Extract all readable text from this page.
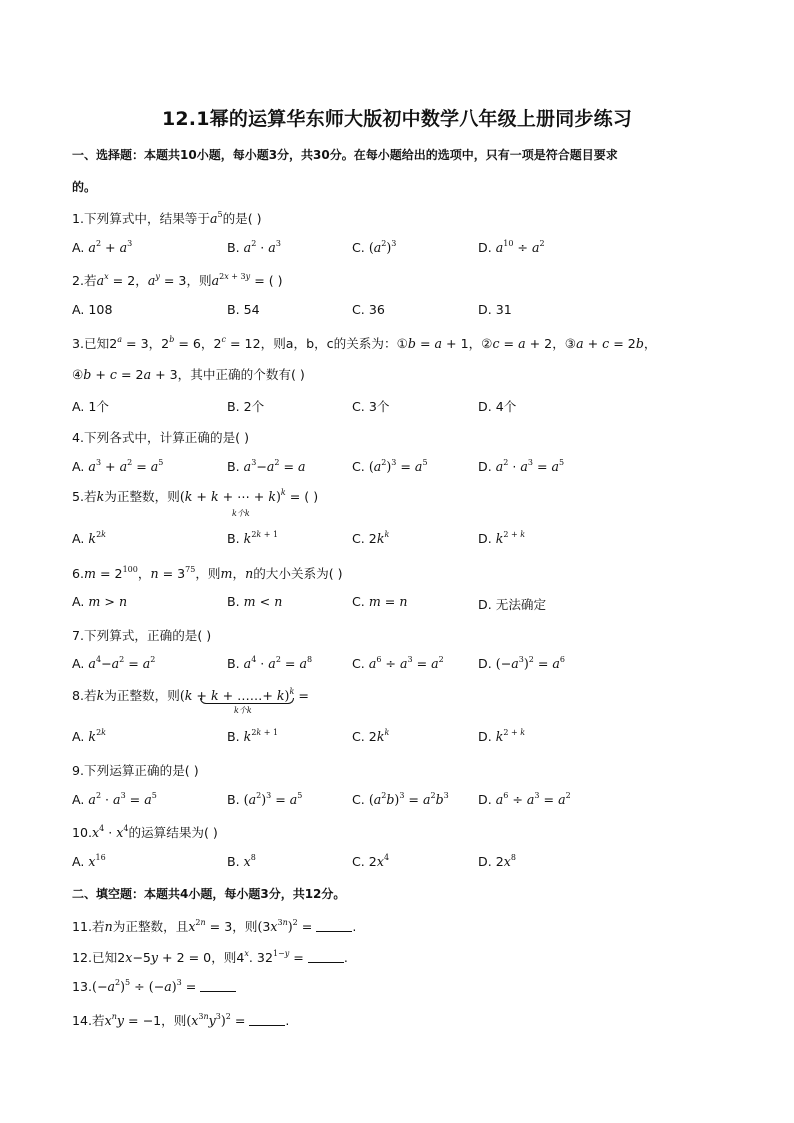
12.1幂的运算华东师大版初中数学八年级上册同步练习
一、选择题：本题共10小题，每小题3分，共30分。在每小题给出的选项中，只有一项是符合题目要求
的。
1.下列算式中，结果等于$a^5$的是( )
A. $a^2 + a^3$	B. $a^2 \cdot a^3$	C. $(a^2)^3$	D. $a^{10} \div a^2$
2.若$a^x = 2$，$a^y = 3$，则$a^{2x + 3y}$ = ( )
A. 108	B. 54	C. 36	D. 31
3.已知$2^a = 3$，$2^b = 6$，$2^c = 12$，则a，b，c的关系为：①b = a + 1，②c = a + 2，③a + c = 2b，
④b + c = 2a + 3，其中正确的个数有( )
A. 1个	B. 2个	C. 3个	D. 4个
4.下列各式中，计算正确的是( )
A. $a^3 + a^2 = a^5$	B. $a^3-a^2 = a$	C. $(a^2)^3 = a^5$	D. $a^2 \cdot a^3 = a^5$
5.若k为正整数，则(k + k + ⋯ + k)$^k$ = ( )
k个k
A. $k^{2k}$	B. $k^{2k + 1}$	C. $2k^k$	D. $k^{2 + k}$
$6.m = 2^{100}$，$n = 3^{75}$，则m，n的大小关系为( )
A. m > n	B. m < n	C. m = n	D. 无法确定
7.下列算式，正确的是( )
A. $a^4-a^2 = a^2$	B. $a^4 \cdot a^2 = a^8$	C. $a^6 \div a^3 = a^2$	D. $(-a^3)^2 = a^6$
8.若k为正整数，则(k + k + ……+ k)$^k$ =
k个k
A. $k^{2k}$	B. $k^{2k + 1}$	C. $2k^k$	D. $k^{2 + k}$
9.下列运算正确的是( )
A. $a^2 \cdot a^3 = a^5$	B. $(a^2)^3 = a^5$	C. $(a^2b)^3 = a^2b^3$ D. $a^6 \div a^3 = a^2$
$10.x^4 \cdot x^4$的运算结果为( )
A. $x^{16}$	B. $x^8$	C. $2x^4$	D. $2x^8$
二、填空题：本题共4小题，每小题3分，共12分。
11.若n为正整数，且$x^{2n} = 3$，则$(3x^{3n})^2$ =	.
12.已知2x−5y + 2 = 0，则4$^x$. $32^{1-y}$ =	.
$13.(-a^2)^5 \div (-a)^3$ =
14.若$x^ny = -1$，则$(x^{3n}y^3)^2$ =	.
